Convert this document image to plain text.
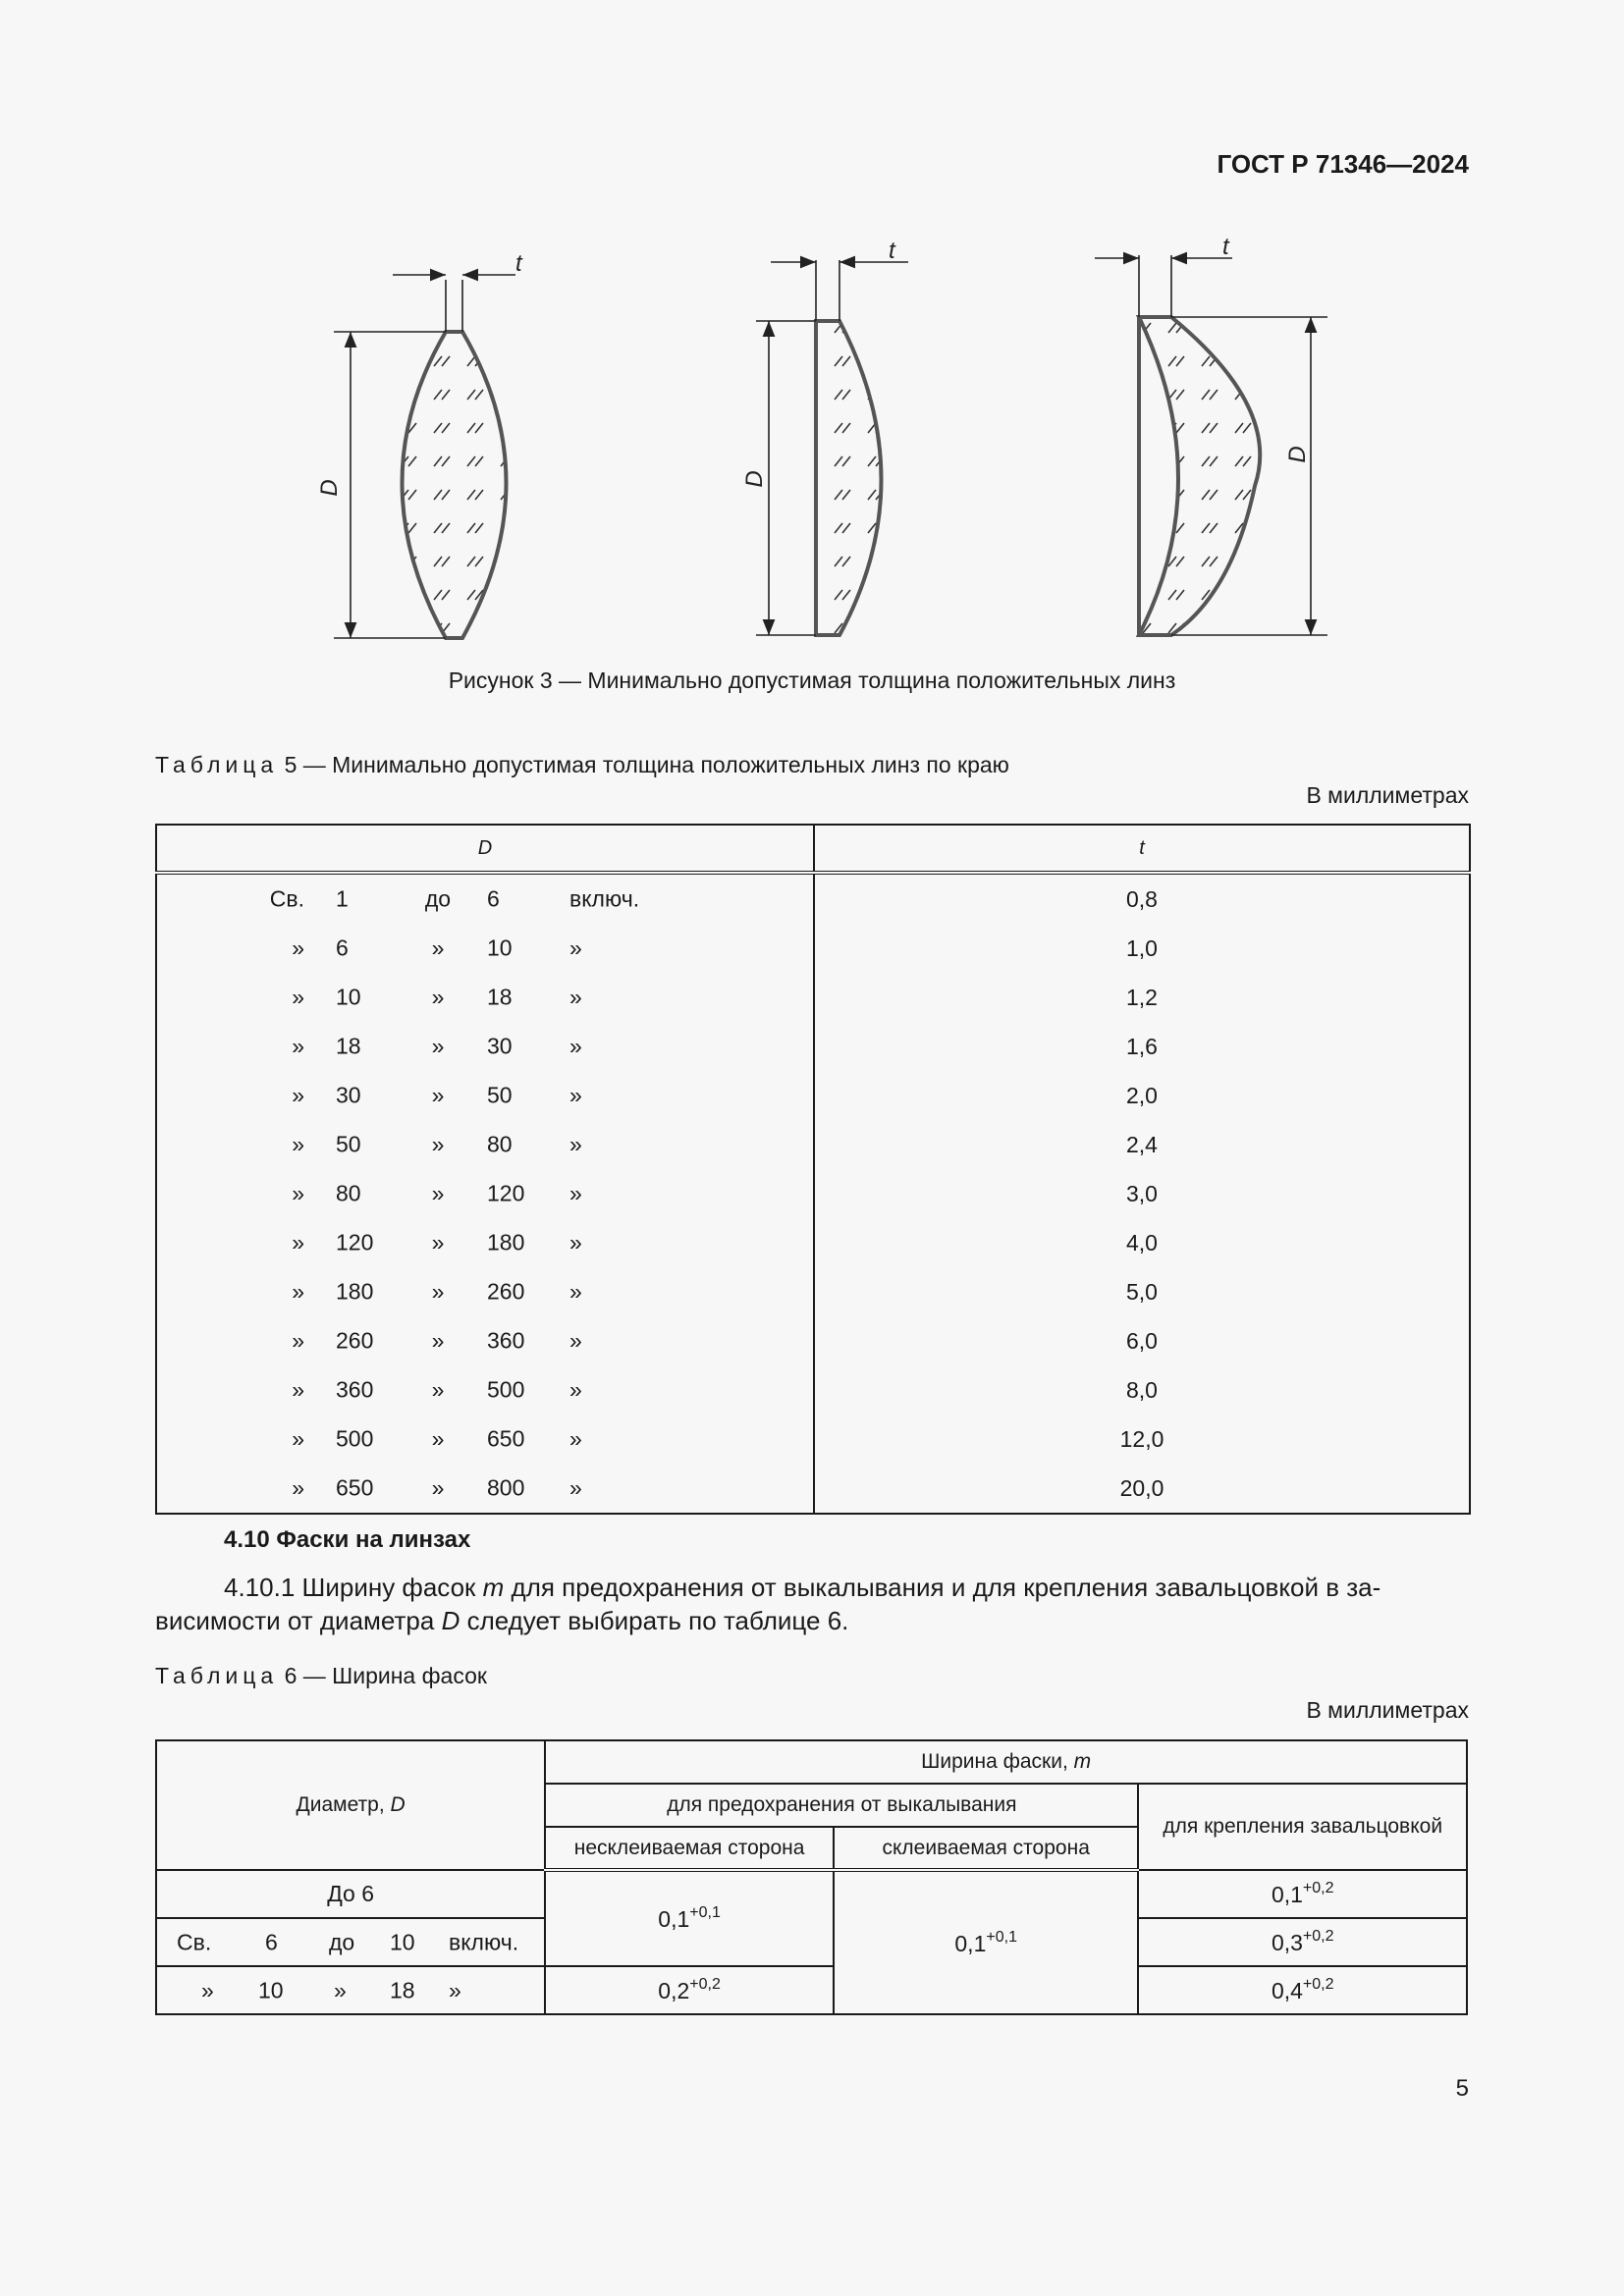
ГОСТ Р 71346—2024
t
D
t
D
t
D
Рисунок 3 — Минимально допустимая толщина положительных линз
Таблица 5 — Минимально допустимая толщина положительных линз по краю
В миллиметрах
D	t

Св. 1 до 6 включ.	0,8

» 6 » 10 »	1,0

» 10 » 18 »	1,2

» 18 » 30 »	1,6

» 30 » 50 »	2,0

» 50 » 80 »	2,4

» 80 » 120 »	3,0

» 120 » 180 »	4,0

» 180 » 260 »	5,0

» 260 » 360 »	6,0

» 360 » 500 »	8,0

» 500 » 650 »	12,0

» 650 » 800 »	20,0
4.10 Фаски на линзах
4.10.1 Ширину фасок m для предохранения от выкалывания и для крепления завальцовкой в за-
висимости от диаметра D следует выбирать по таблице 6.
Таблица 6 — Ширина фасок
В миллиметрах
Диаметр, D	Ширина фаски, m		
	для предохранения от выкалывания		для крепления завальцовкой
	несклеиваемая сторона	склеиваемая сторона	
До 6	$0,1^{+0,1}$	$0,1^{+0,1}$	$0,1^{+0,2}$

Св. 6 до 10 включ.			$0,3^{+0,2}$

» 10 » 18 »	$0,2^{+0,2}$		$0,4^{+0,2}$
5
